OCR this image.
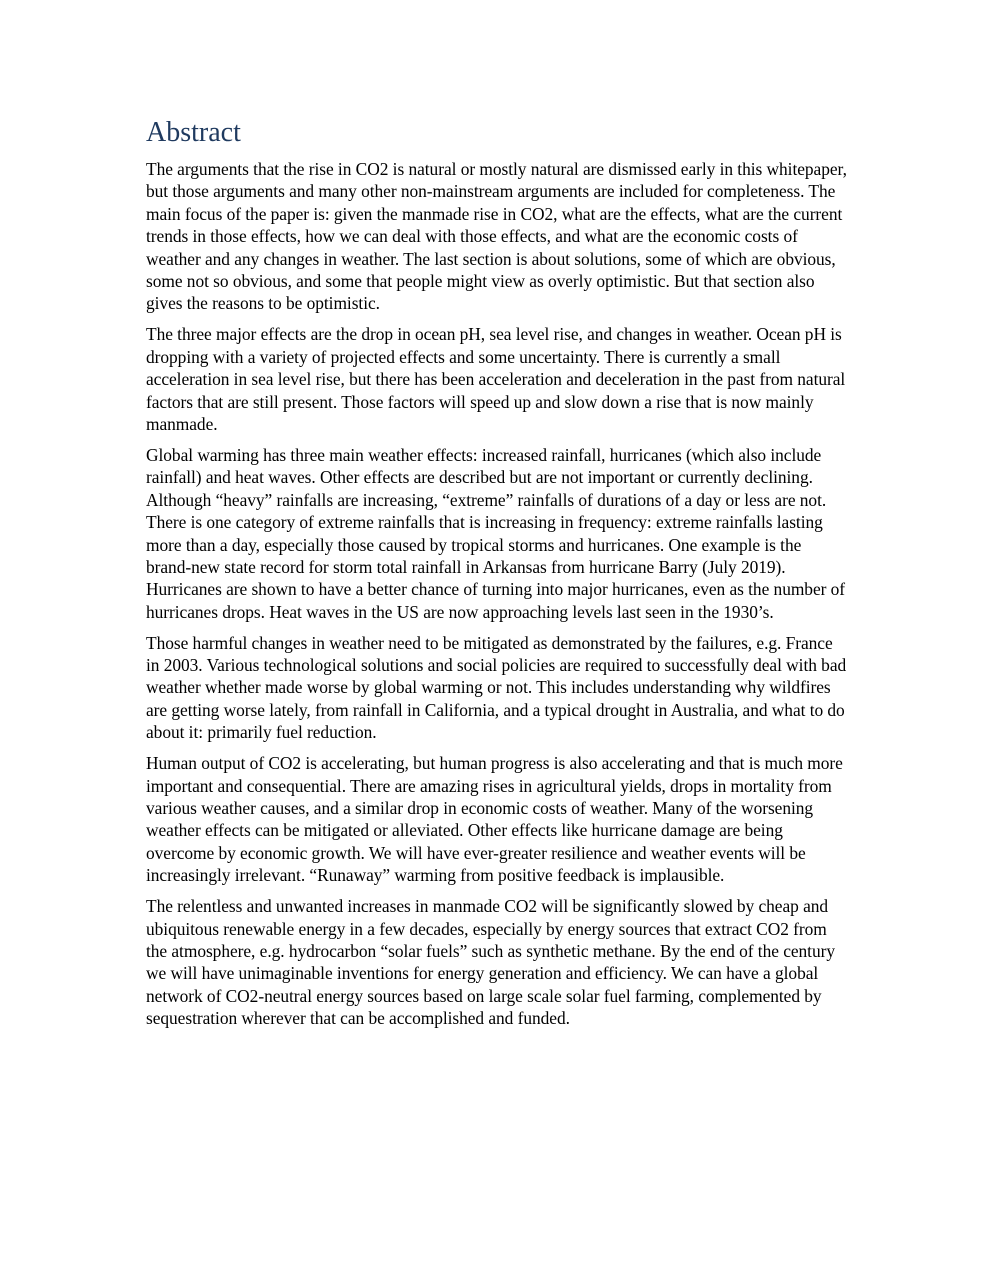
Abstract

The arguments that the rise in CO2 is natural or mostly natural are dismissed early in this whitepaper, but those arguments and many other non-mainstream arguments are included for completeness. The main focus of the paper is: given the manmade rise in CO2, what are the effects, what are the current trends in those effects, how we can deal with those effects, and what are the economic costs of weather and any changes in weather. The last section is about solutions, some of which are obvious, some not so obvious, and some that people might view as overly optimistic. But that section also gives the reasons to be optimistic.

The three major effects are the drop in ocean pH, sea level rise, and changes in weather. Ocean pH is dropping with a variety of projected effects and some uncertainty. There is currently a small acceleration in sea level rise, but there has been acceleration and deceleration in the past from natural factors that are still present. Those factors will speed up and slow down a rise that is now mainly manmade.

Global warming has three main weather effects: increased rainfall, hurricanes (which also include rainfall) and heat waves. Other effects are described but are not important or currently declining. Although “heavy” rainfalls are increasing, “extreme” rainfalls of durations of a day or less are not. There is one category of extreme rainfalls that is increasing in frequency: extreme rainfalls lasting more than a day, especially those caused by tropical storms and hurricanes. One example is the brand-new state record for storm total rainfall in Arkansas from hurricane Barry (July 2019). Hurricanes are shown to have a better chance of turning into major hurricanes, even as the number of hurricanes drops. Heat waves in the US are now approaching levels last seen in the 1930’s.

Those harmful changes in weather need to be mitigated as demonstrated by the failures, e.g. France in 2003. Various technological solutions and social policies are required to successfully deal with bad weather whether made worse by global warming or not. This includes understanding why wildfires are getting worse lately, from rainfall in California, and a typical drought in Australia, and what to do about it: primarily fuel reduction.

Human output of CO2 is accelerating, but human progress is also accelerating and that is much more important and consequential. There are amazing rises in agricultural yields, drops in mortality from various weather causes, and a similar drop in economic costs of weather. Many of the worsening weather effects can be mitigated or alleviated. Other effects like hurricane damage are being overcome by economic growth. We will have ever-greater resilience and weather events will be increasingly irrelevant. “Runaway” warming from positive feedback is implausible.

The relentless and unwanted increases in manmade CO2 will be significantly slowed by cheap and ubiquitous renewable energy in a few decades, especially by energy sources that extract CO2 from the atmosphere, e.g. hydrocarbon “solar fuels” such as synthetic methane. By the end of the century we will have unimaginable inventions for energy generation and efficiency. We can have a global network of CO2-neutral energy sources based on large scale solar fuel farming, complemented by sequestration wherever that can be accomplished and funded.
